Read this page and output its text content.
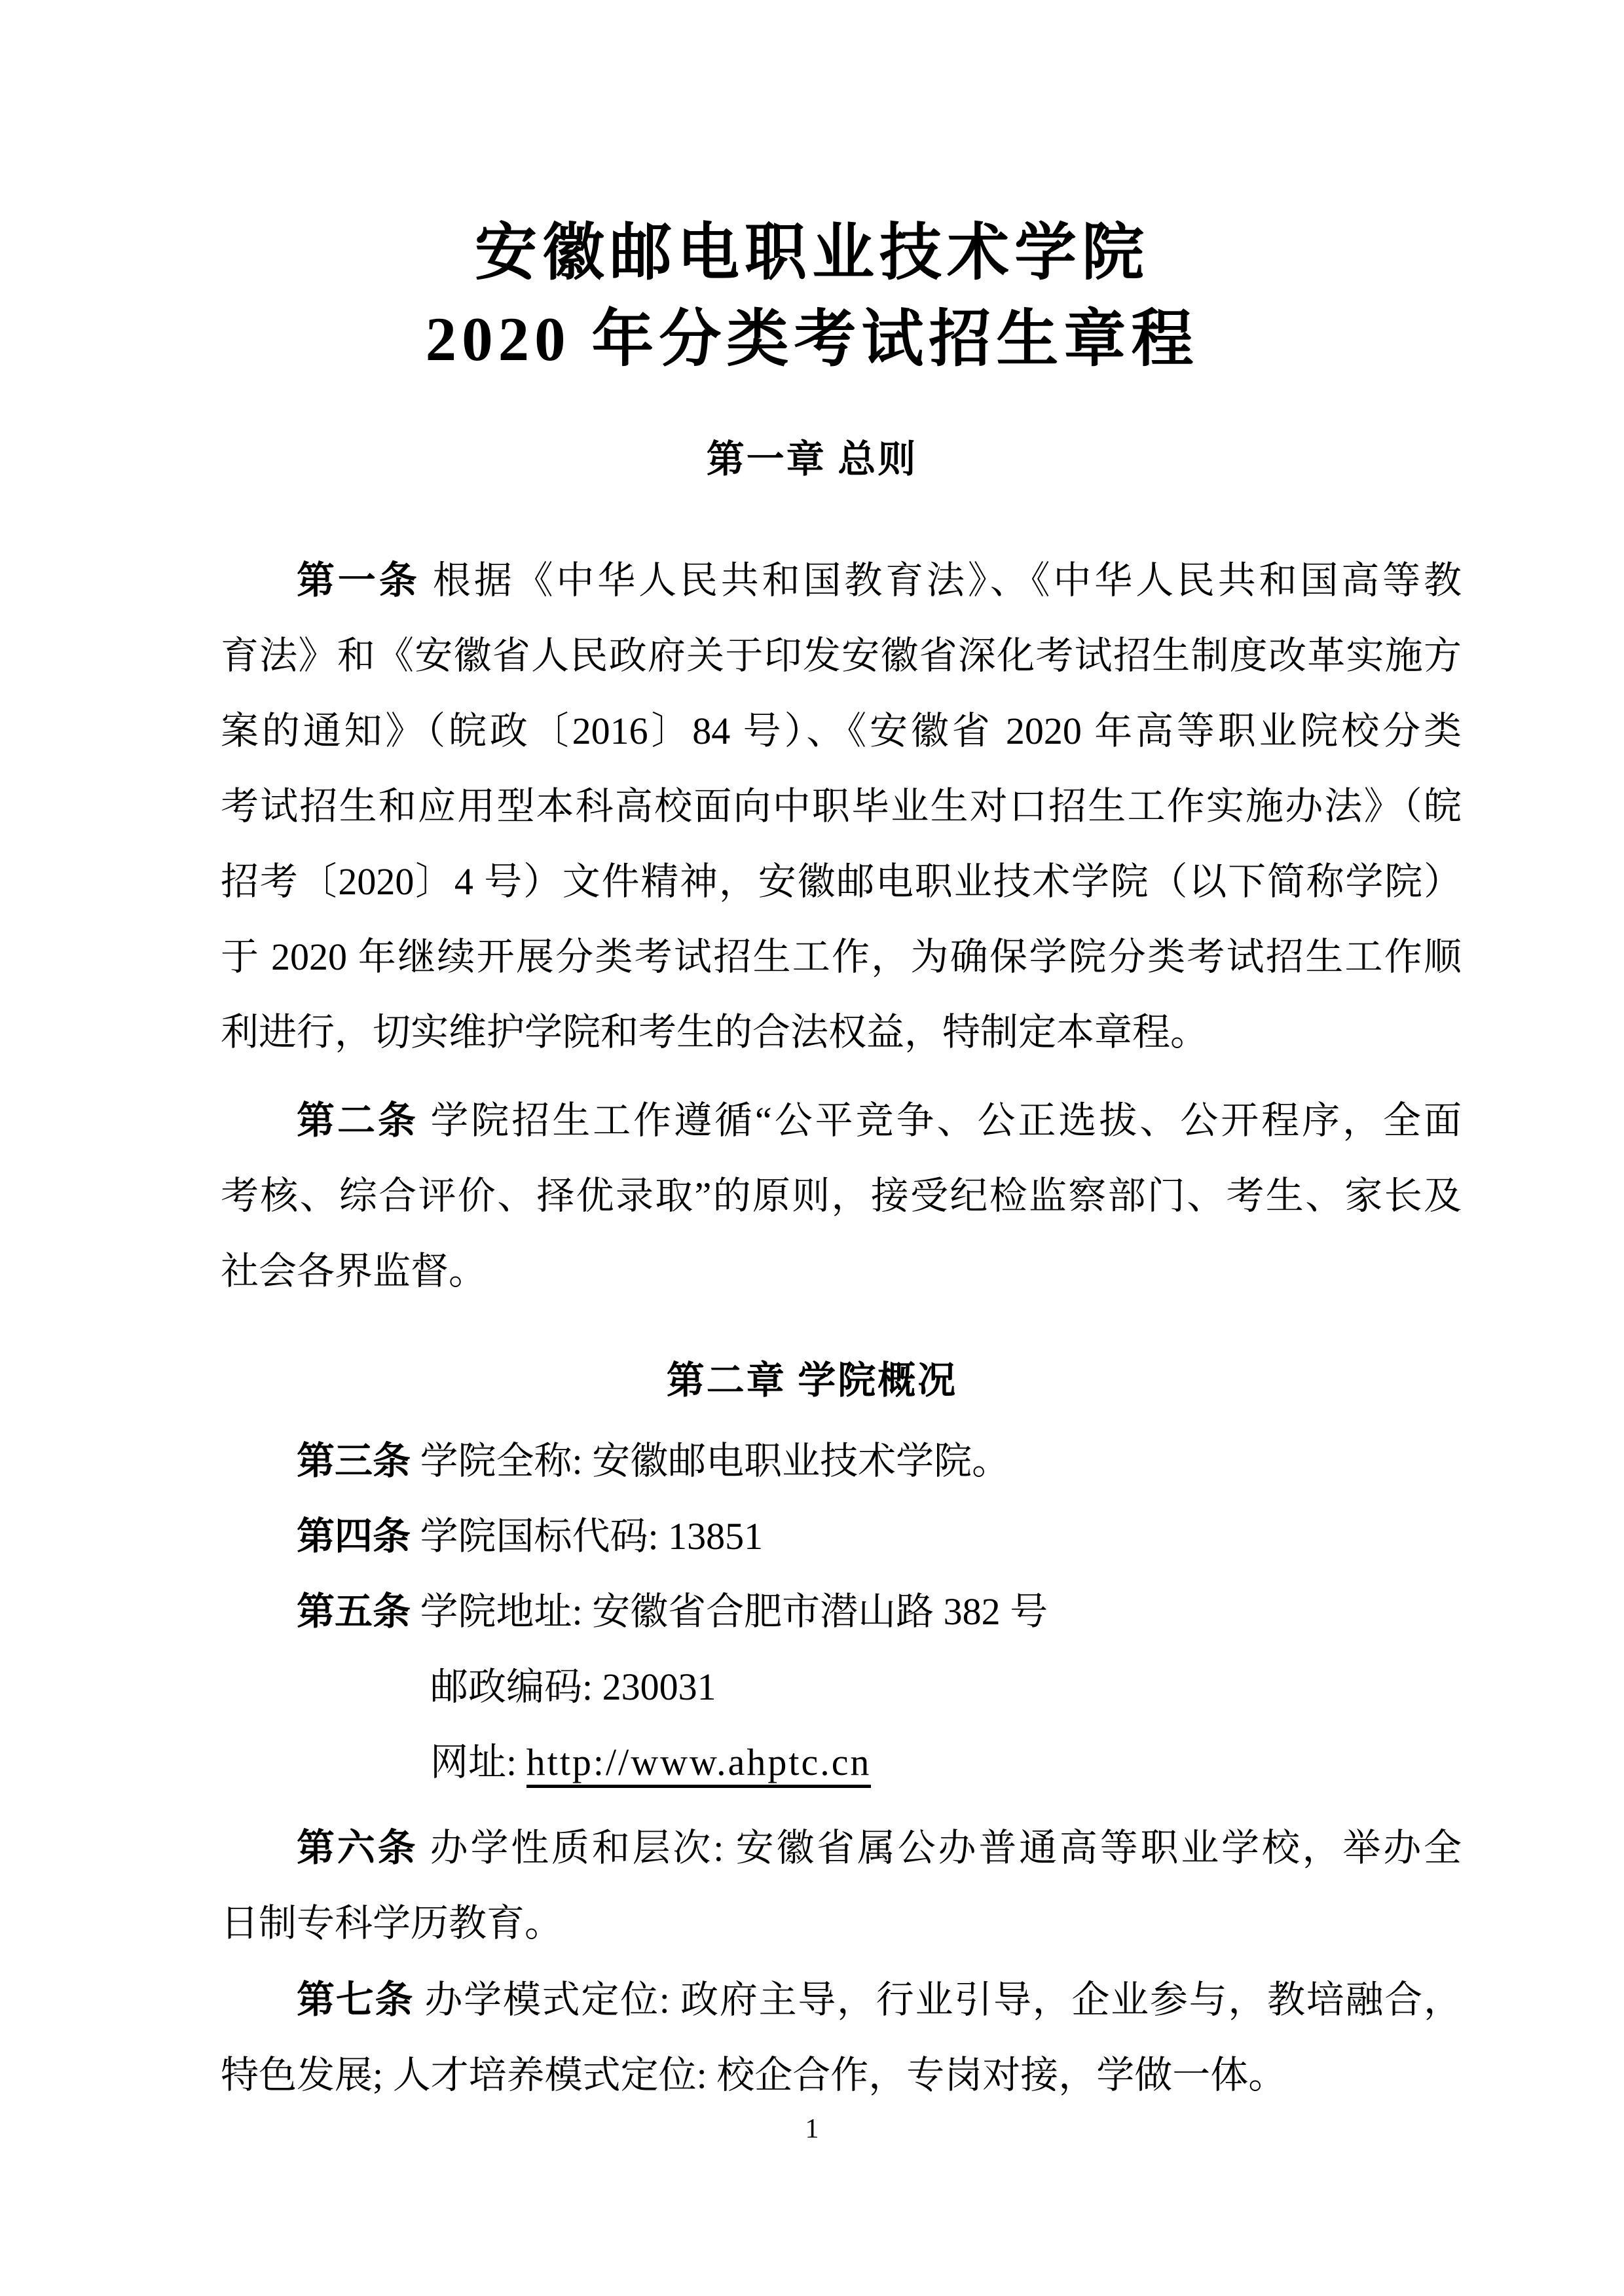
安徽邮电职业技术学院
2020 年分类考试招生章程
第一章 总则
第一条 根据《中华人民共和国教育法》、《中华人民共和国高等教
育法》和《安徽省人民政府关于印发安徽省深化考试招生制度改革实施方
案的通知》（皖政〔2016〕84 号）、《安徽省 2020 年高等职业院校分类
考试招生和应用型本科高校面向中职毕业生对口招生工作实施办法》（皖
招考〔2020〕4 号）文件精神，安徽邮电职业技术学院（以下简称学院）
于 2020 年继续开展分类考试招生工作，为确保学院分类考试招生工作顺
利进行，切实维护学院和考生的合法权益，特制定本章程。
第二条 学院招生工作遵循“公平竞争、公正选拔、公开程序，全面
考核、综合评价、择优录取”的原则，接受纪检监察部门、考生、家长及
社会各界监督。
第二章 学院概况
第三条 学院全称: 安徽邮电职业技术学院。
第四条 学院国标代码: 13851
第五条 学院地址: 安徽省合肥市潜山路 382 号
邮政编码: 230031
网址: http://www.ahptc.cn
第六条 办学性质和层次: 安徽省属公办普通高等职业学校，举办全
日制专科学历教育。
第七条 办学模式定位: 政府主导，行业引导，企业参与，教培融合，
特色发展; 人才培养模式定位: 校企合作，专岗对接，学做一体。
1
